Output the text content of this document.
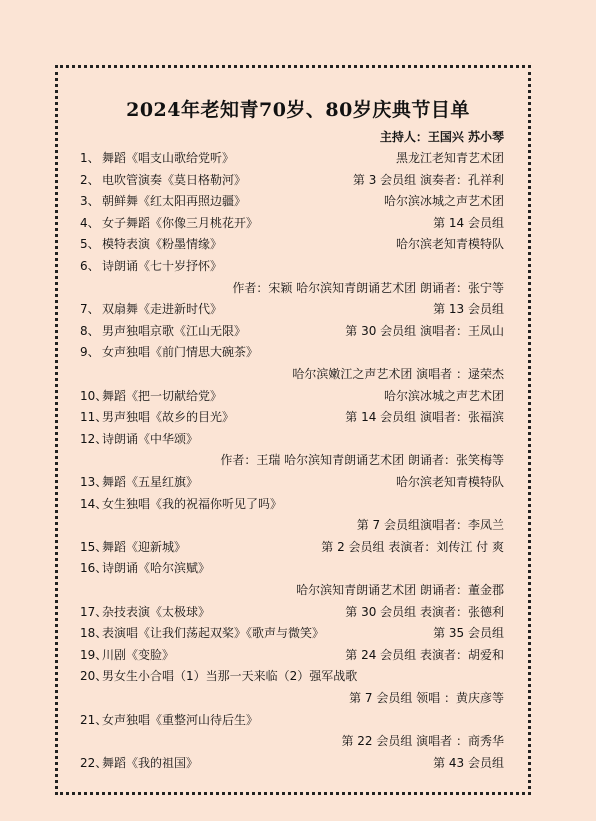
2024年老知青70岁、80岁庆典节目单
主持人：王国兴 苏小琴
1、 舞蹈《唱支山歌给党听》	黑龙江老知青艺术团
2、 电吹管演奏《莫日格勒河》	第 3 会员组 演奏者：孔祥利
3、 朝鲜舞《红太阳再照边疆》	哈尔滨冰城之声艺术团
4、 女子舞蹈《你像三月桃花开》	第 14 会员组
5、 模特表演《粉墨情缘》	哈尔滨老知青模特队
6、 诗朗诵《七十岁抒怀》
作者：宋颖 哈尔滨知青朗诵艺术团 朗诵者：张宁等
7、 双扇舞《走进新时代》	第 13 会员组
8、 男声独唱京歌《江山无限》	第 30 会员组 演唱者：王凤山
9、 女声独唱《前门情思大碗茶》
哈尔滨嫩江之声艺术团 演唱者 ：逯荣杰
10、舞蹈《把一切献给党》	哈尔滨冰城之声艺术团
11、男声独唱《故乡的目光》	第 14 会员组 演唱者：张福滨
12、诗朗诵《中华颂》
作者：王瑞 哈尔滨知青朗诵艺术团 朗诵者：张笑梅等
13、舞蹈《五星红旗》	哈尔滨老知青模特队
14、女生独唱《我的祝福你听见了吗》
第 7 会员组演唱者：李凤兰
15、舞蹈《迎新城》	第 2 会员组 表演者：刘传江 付 爽
16、诗朗诵《哈尔滨赋》
哈尔滨知青朗诵艺术团 朗诵者：董金郡
17、杂技表演《太极球》	第 30 会员组 表演者：张德利
18、表演唱《让我们荡起双桨》《歌声与微笑》	第 35 会员组
19、川剧《变脸》	第 24 会员组 表演者：胡爱和
20、男女生小合唱（1）当那一天来临（2）强军战歌
第 7 会员组 领唱 ：黄庆彦等
21、女声独唱《重整河山待后生》
第 22 会员组 演唱者 ：商秀华
22、舞蹈《我的祖国》	第 43 会员组
